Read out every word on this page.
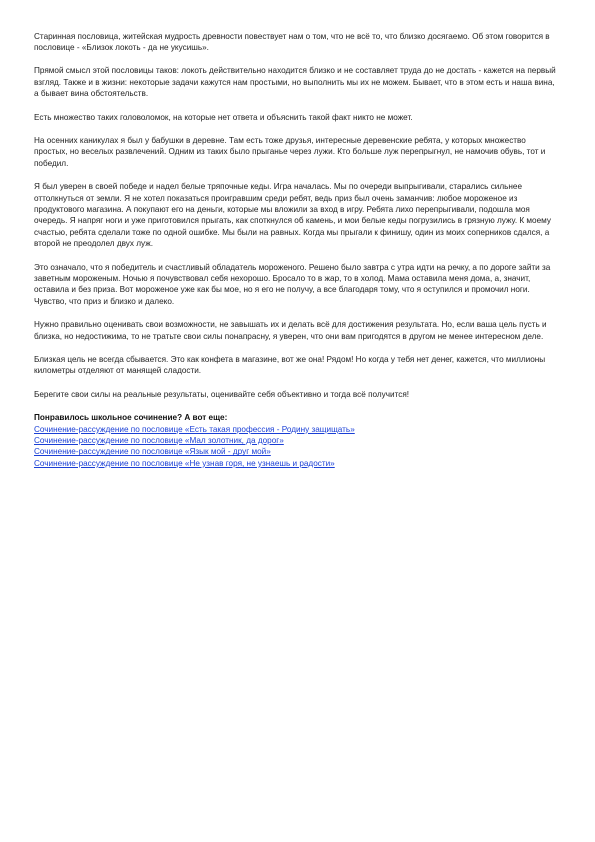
Старинная пословица, житейская мудрость древности повествует нам о том, что не всё то, что близко досягаемо. Об этом говорится в пословице - «Близок локоть - да не укусишь».

Прямой смысл этой пословицы таков: локоть действительно находится близко и не составляет труда до не достать - кажется на первый взгляд. Также и в жизни: некоторые задачи кажутся нам простыми, но выполнить мы их не можем. Бывает, что в этом есть и наша вина, а бывает вина обстоятельств.

Есть множество таких головоломок, на которые нет ответа и объяснить такой факт никто не может.

На осенних каникулах я был у бабушки в деревне. Там есть тоже друзья, интересные деревенские ребята, у которых множество простых, но веселых развлечений. Одним из таких было прыганье через лужи. Кто больше луж перепрыгнул, не намочив обувь, тот и победил.

Я был уверен в своей победе и надел белые тряпочные кеды. Игра началась. Мы по очереди выпрыгивали, старались сильнее оттолкнуться от земли. Я не хотел показаться проигравшим среди ребят, ведь приз был очень заманчив: любое мороженое из продуктового магазина. А покупают его на деньги, которые мы вложили за вход в игру. Ребята лихо перепрыгивали, подошла моя очередь. Я напряг ноги и уже приготовился прыгать, как споткнулся об камень, и мои белые кеды погрузились в грязную лужу. К моему счастью, ребята сделали тоже по одной ошибке. Мы были на равных. Когда мы прыгали к финишу, один из моих соперников сдался, а второй не преодолел двух луж.

Это означало, что я победитель и счастливый обладатель мороженого. Решено было завтра с утра идти на речку, а по дороге зайти за заветным мороженым. Ночью я почувствовал себя нехорошо. Бросало то в жар, то в холод. Мама оставила меня дома, а, значит, оставила и без приза. Вот мороженое уже как бы мое, но я его не получу, а все благодаря тому, что я оступился и промочил ноги. Чувство, что приз и близко и далеко.

Нужно правильно оценивать свои возможности, не завышать их и делать всё для достижения результата. Но, если ваша цель пусть и близка, но недостижима, то не тратьте свои силы понапрасну, я уверен, что они вам пригодятся в другом не менее интересном деле.

Близкая цель не всегда сбывается. Это как конфета в магазине, вот же она! Рядом! Но когда у тебя нет денег, кажется, что миллионы километры отделяют от манящей сладости.

Берегите свои силы на реальные результаты, оценивайте себя объективно и тогда всё получится!

Понравилось школьное сочинение? А вот еще:

Сочинение-рассуждение по пословице «Есть такая профессия - Родину защищать»
Сочинение-рассуждение по пословице «Мал золотник, да дорог»
Сочинение-рассуждение по пословице «Язык мой - друг мой»
Сочинение-рассуждение по пословице «Не узнав горя, не узнаешь и радости»
